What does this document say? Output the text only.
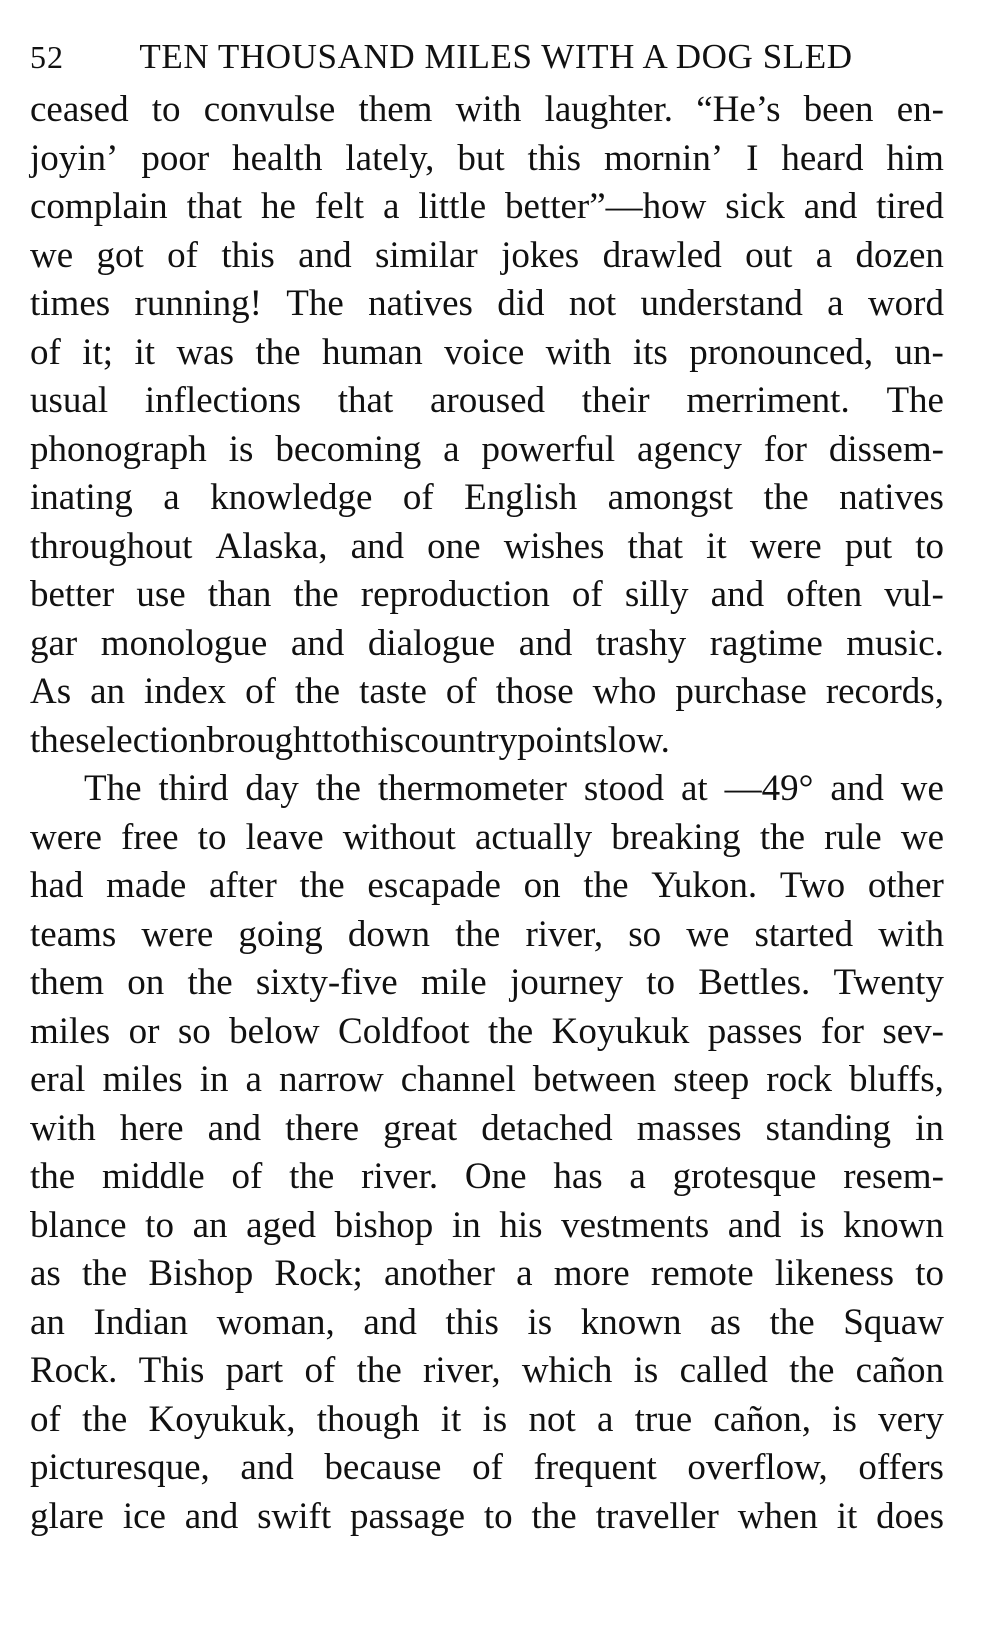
52	TEN THOUSAND MILES WITH A DOG SLED
ceased to convulse them with laughter. “He’s been en-
joyin’ poor health lately, but this mornin’ I heard him
complain that he felt a little better”—how sick and tired
we got of this and similar jokes drawled out a dozen
times running! The natives did not understand a word
of it; it was the human voice with its pronounced, un-
usual inflections that aroused their merriment. The
phonograph is becoming a powerful agency for dissem-
inating a knowledge of English amongst the natives
throughout Alaska, and one wishes that it were put to
better use than the reproduction of silly and often vul-
gar monologue and dialogue and trashy ragtime music.
As an index of the taste of those who purchase records,
the selection brought to this country points low.
The third day the thermometer stood at —49° and we
were free to leave without actually breaking the rule we
had made after the escapade on the Yukon. Two other
teams were going down the river, so we started with
them on the sixty-five mile journey to Bettles. Twenty
miles or so below Coldfoot the Koyukuk passes for sev-
eral miles in a narrow channel between steep rock bluffs,
with here and there great detached masses standing in
the middle of the river. One has a grotesque resem-
blance to an aged bishop in his vestments and is known
as the Bishop Rock; another a more remote likeness to
an Indian woman, and this is known as the Squaw
Rock. This part of the river, which is called the cañon
of the Koyukuk, though it is not a true cañon, is very
picturesque, and because of frequent overflow, offers
glare ice and swift passage to the traveller when it does
